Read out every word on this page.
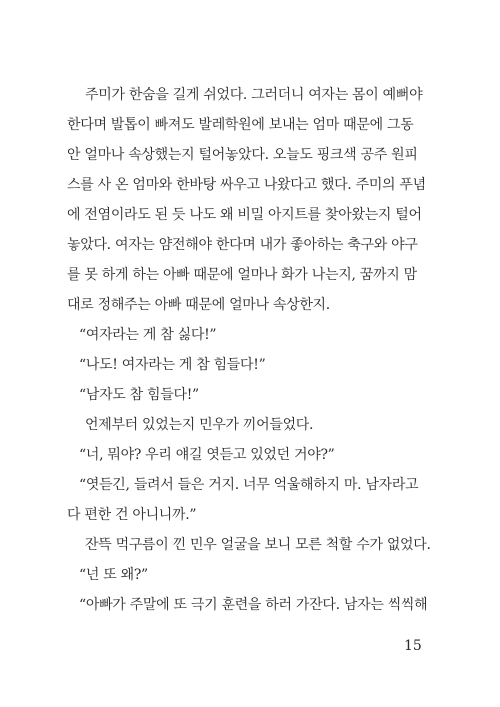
주미가 한숨을 길게 쉬었다. 그러더니 여자는 몸이 예뻐야
한다며 발톱이 빠져도 발레학원에 보내는 엄마 때문에 그동
안 얼마나 속상했는지 털어놓았다. 오늘도 핑크색 공주 원피
스를 사 온 엄마와 한바탕 싸우고 나왔다고 했다. 주미의 푸념
에 전염이라도 된 듯 나도 왜 비밀 아지트를 찾아왔는지 털어
놓았다. 여자는 얌전해야 한다며 내가 좋아하는 축구와 야구
를 못 하게 하는 아빠 때문에 얼마나 화가 나는지, 꿈까지 맘
대로 정해주는 아빠 때문에 얼마나 속상한지.
“여자라는 게 참 싫다!”
“나도! 여자라는 게 참 힘들다!”
“남자도 참 힘들다!”
언제부터 있었는지 민우가 끼어들었다.
“너, 뭐야? 우리 얘길 엿듣고 있었던 거야?”
“엿듣긴, 들려서 들은 거지. 너무 억울해하지 마. 남자라고
다 편한 건 아니니까.”
잔뜩 먹구름이 낀 민우 얼굴을 보니 모른 척할 수가 없었다.
“넌 또 왜?”
“아빠가 주말에 또 극기 훈련을 하러 가잔다. 남자는 씩씩해
15
